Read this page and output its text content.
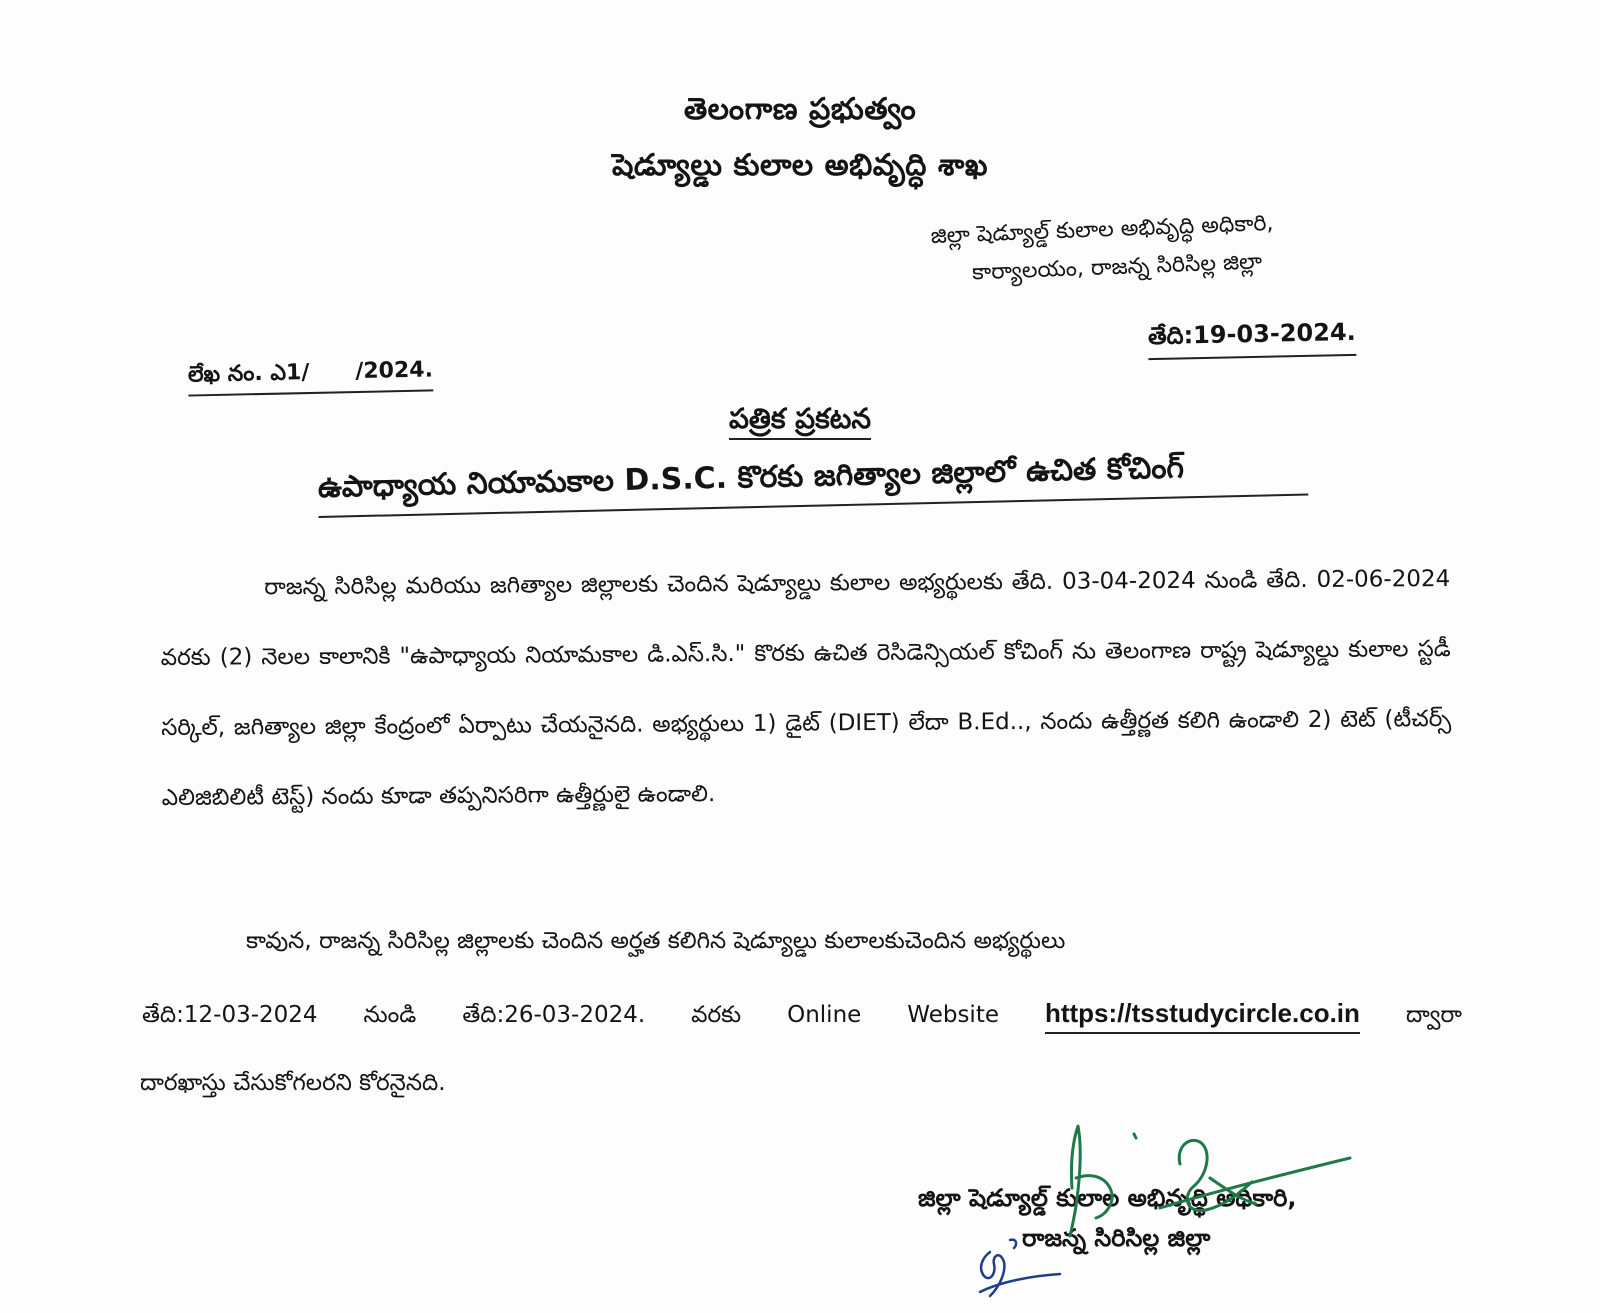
తెలంగాణ ప్రభుత్వం
షెడ్యూల్డు కులాల అభివృద్ధి శాఖ
జిల్లా షెడ్యూల్డ్ కులాల అభివృద్ధి అధికారి,
కార్యాలయం, రాజన్న సిరిసిల్ల జిల్లా
తేది:19-03-2024.
లేఖ నం. ఎ1/      /2024.
పత్రిక ప్రకటన
ఉపాధ్యాయ నియామకాల D.S.C. కొరకు జగిత్యాల జిల్లాలో ఉచిత కోచింగ్
రాజన్న సిరిసిల్ల మరియు జగిత్యాల జిల్లాలకు చెందిన షెడ్యూల్డు కులాల అభ్యర్థులకు తేది. 03-04-2024 నుండి తేది. 02-06-2024 వరకు (2) నెలల కాలానికి "ఉపాధ్యాయ నియామకాల డి.ఎస్.సి." కొరకు ఉచిత రెసిడెన్సియల్ కోచింగ్ ను తెలంగాణ రాష్ట్ర షెడ్యూల్డు కులాల స్టడీ సర్కిల్, జగిత్యాల జిల్లా కేంద్రంలో ఏర్పాటు చేయనైనది. అభ్యర్థులు 1) డైట్ (DIET) లేదా B.Ed.., నందు ఉత్తీర్ణత కలిగి ఉండాలి 2) టెట్ (టీచర్స్ ఎలిజిబిలిటీ టెస్ట్) నందు కూడా తప్పనిసరిగా ఉత్తీర్ణులై ఉండాలి.
కావున, రాజన్న సిరిసిల్ల జిల్లాలకు చెందిన అర్హత కలిగిన షెడ్యూల్డు కులాలకుచెందిన అభ్యర్థులు
తేది:12-03-2024 నుండి తేది:26-03-2024. వరకు Online Website https://tsstudycircle.co.in ద్వారా
దారఖాస్తు చేసుకోగలరని కోరనైనది.
జిల్లా షెడ్యూల్డ్ కులాల అభివృద్ధి అధికారి,
రాజన్న సిరిసిల్ల జిల్లా
